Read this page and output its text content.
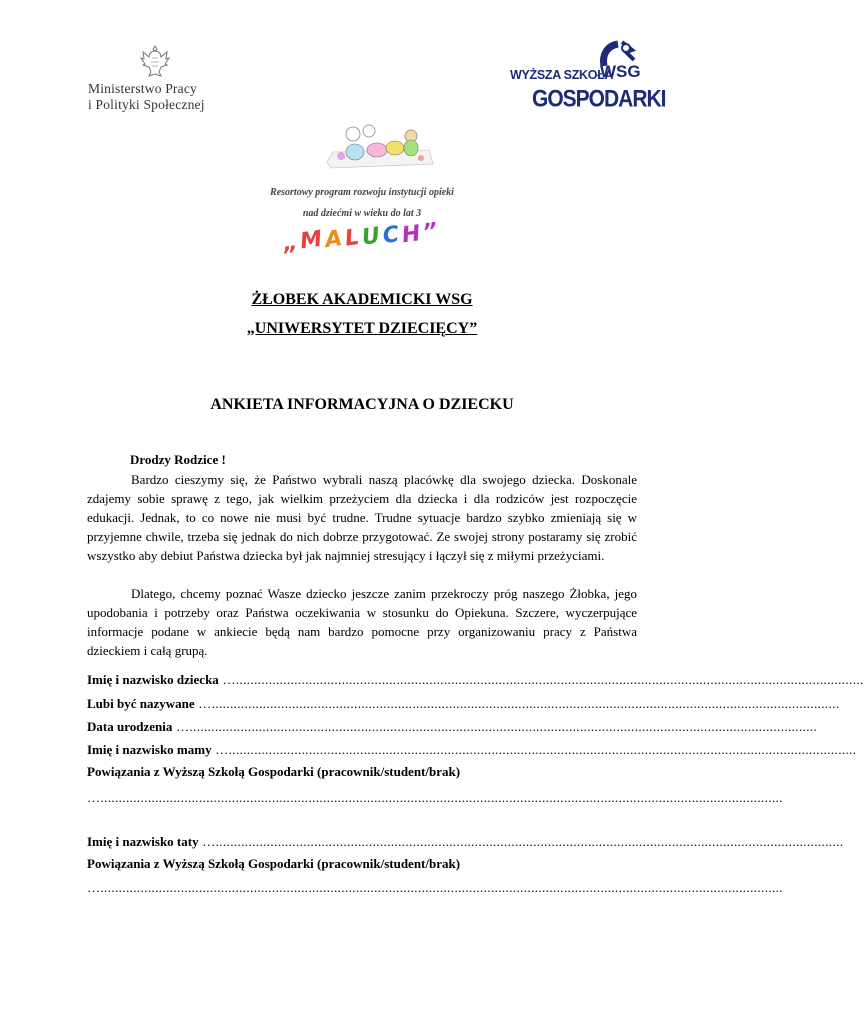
Ministerstwo Pracy
i Polityki Społecznej
WYŻSZA SZKOŁA
WSG
GOSPODARKI
Resortowy program rozwoju instytucji opieki
nad dziećmi w wieku do lat 3
„MALUCH”
ŻŁOBEK AKADEMICKI WSG
„UNIWERSYTET DZIECIĘCY”
ANKIETA INFORMACYJNA O DZIECKU
Drodzy Rodzice !

Bardzo cieszymy się, że Państwo wybrali naszą placówkę dla swojego dziecka. Doskonale zdajemy sobie sprawę z tego, jak wielkim przeżyciem dla dziecka i dla rodziców jest rozpoczęcie edukacji. Jednak, to co nowe nie musi być trudne. Trudne sytuacje bardzo szybko zmieniają się w przyjemne chwile, trzeba się jednak do nich dobrze przygotować. Ze swojej strony postaramy się zrobić wszystko aby debiut Państwa dziecka był jak najmniej stresujący i łączył się z miłymi przeżyciami.

Dlatego, chcemy poznać Wasze dziecko jeszcze zanim przekroczy próg naszego Żłobka, jego upodobania i potrzeby oraz Państwa oczekiwania w stosunku do Opiekuna. Szczere, wyczerpujące informacje podane w ankiecie będą nam bardzo pomocne przy organizowaniu pracy z Państwa dzieckiem i całą grupą.

Imię i nazwisko dziecka …............................................................................................................................................................................
Lubi być nazywane …............................................................................................................................................................................
Data urodzenia …............................................................................................................................................................................
Imię i nazwisko mamy …............................................................................................................................................................................
Powiązania z Wyższą Szkołą Gospodarki (pracownik/student/brak)
…...........................................................................................................................................................................................
Imię i nazwisko taty …............................................................................................................................................................................
Powiązania z Wyższą Szkołą Gospodarki (pracownik/student/brak)
…...........................................................................................................................................................................................
